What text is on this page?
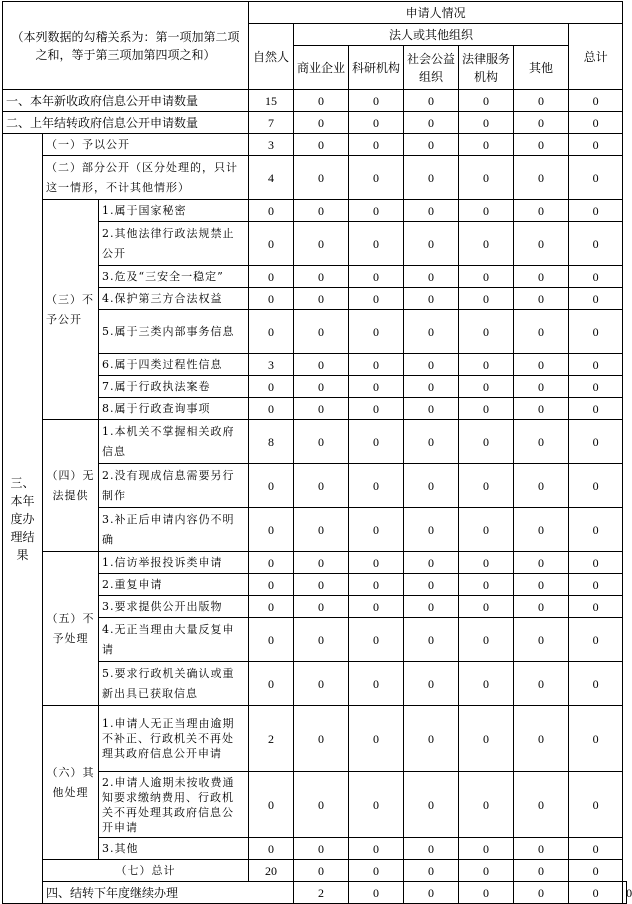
（本列数据的勾稽关系为：第一项加第二项之和，等于第三项加第四项之和）			申请人情况							
			自然人	法人或其他组织					总计	
				商业企业	科研机构	社会公益组织	法律服务机构	其他		
一、本年新收政府信息公开申请数量			15	0	0	0	0	0	0	
二、上年结转政府信息公开申请数量			7	0	0	0	0	0	0	
三、本年度办理结果	（一）予以公开		3	0	0	0	0	0	0	
	（二）部分公开（区分处理的，只计这一情形，不计其他情形）		4	0	0	0	0	0	0	
	（三）不予公开	1.属于国家秘密	0	0	0	0	0	0	0	
		2.其他法律行政法规禁止公开	0	0	0	0	0	0	0	
		3.危及“三安全一稳定”	0	0	0	0	0	0	0	
		4.保护第三方合法权益	0	0	0	0	0	0	0	
		5.属于三类内部事务信息	0	0	0	0	0	0	0	
		6.属于四类过程性信息	3	0	0	0	0	0	0	
		7.属于行政执法案卷	0	0	0	0	0	0	0	
		8.属于行政查询事项	0	0	0	0	0	0	0	
	（四）无法提供	1.本机关不掌握相关政府信息	8	0	0	0	0	0	0	
		2.没有现成信息需要另行制作	0	0	0	0	0	0	0	
		3.补正后申请内容仍不明确	0	0	0	0	0	0	0	
	（五）不予处理	1.信访举报投诉类申请	0	0	0	0	0	0	0	
		2.重复申请	0	0	0	0	0	0	0	
		3.要求提供公开出版物	0	0	0	0	0	0	0	
		4.无正当理由大量反复申请	0	0	0	0	0	0	0	
		5.要求行政机关确认或重新出具已获取信息	0	0	0	0	0	0	0	
	（六）其他处理	1.申请人无正当理由逾期不补正、行政机关不再处理其政府信息公开申请	2	0	0	0	0	0	0	
		2.申请人逾期未按收费通知要求缴纳费用、行政机关不再处理其政府信息公开申请	0	0	0	0	0	0	0	
		3.其他	0	0	0	0	0	0	0	
	（七）总计		20	0	0	0	0	0	0	
	四、结转下年度继续办理			2	0	0	0	0	0	0
